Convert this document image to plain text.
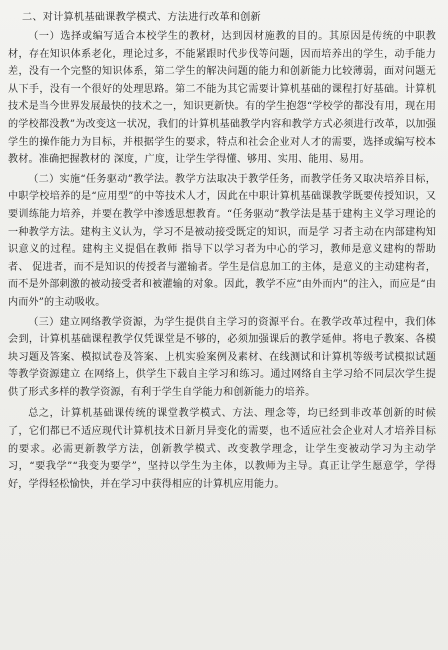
二、对计算机基础课教学模式、方法进行改革和创新

（一）选择或编写适合本校学生的教材，达到因材施教的目的。其原因是传统的中职教材，存在知识体系老化，理论过多，不能紧跟时代步伐等问题，因而培养出的学生，动手能力差，没有一个完整的知识体系，第二学生的解决问题的能力和创新能力比较薄弱，面对问题无从下手，没有一个很好的处理思路。第二不能为其它需要计算机基础的课程打好基础。计算机技术是当今世界发展最快的技术之一，知识更新快。有的学生抱怨“学校学的都没有用，现在用的学校都没教”为改变这一状况，我们的计算机基础教学内容和教学方式必须进行改革，以加强学生的操作能力为目标，并根据学生的要求，特点和社会企业对人才的需要，选择或编写校本教材。准确把握教材的 深度，广度，让学生学得懂、够用、实用、能用、易用。

（二）实施“任务驱动”教学法。教学方法取决于教学任务，而教学任务又取决培养目标，中职学校培养的是“应用型”的中等技术人才，因此在中职计算机基础课教学既要传授知识，又要训练能力培养，并要在教学中渗透思想教育。“任务驱动”教学法是基于建构主义学习理论的一种教学方法。建构主义认为，学习不是被动接受既定的知识，而是学 习者主动在内部建构知识意义的过程。建构主义提倡在教师 指导下以学习者为中心的学习，教师是意义建构的帮助者、 促进者，而不是知识的传授者与灌输者。学生是信息加工的主体，是意义的主动建构者，而不是外部刺激的被动接受者和被灌输的对象。因此，教学不应“由外而内”的注入，而应是“由内而外”的主动吸收。

（三）建立网络教学资源，为学生提供自主学习的资源平台。在教学改革过程中，我们体会到，计算机基础课程教学仅凭课堂是不够的，必须加强课后的教学延伸。将电子教案、各模块习题及答案、模拟试卷及答案、上机实验案例及素材、在线测试和计算机等级考试模拟试题等教学资源建立 在网络上，供学生下载自主学习和练习。通过网络自主学习给不同层次学生提供了形式多样的教学资源，有利于学生自学能力和创新能力的培养。

总之，计算机基础课传统的课堂教学模式、方法、理念等，均已经到非改革创新的时候了，它们都已不适应现代计算机技术日新月异变化的需要，也不适应社会企业对人才培养目标的要求。必需更新教学方法，创新教学模式、改变教学理念，让学生变被动学习为主动学习，“要我学”“我变为要学”，坚持以学生为主体，以教师为主导。真正让学生愿意学，学得好，学得轻松愉快，并在学习中获得相应的计算机应用能力。
